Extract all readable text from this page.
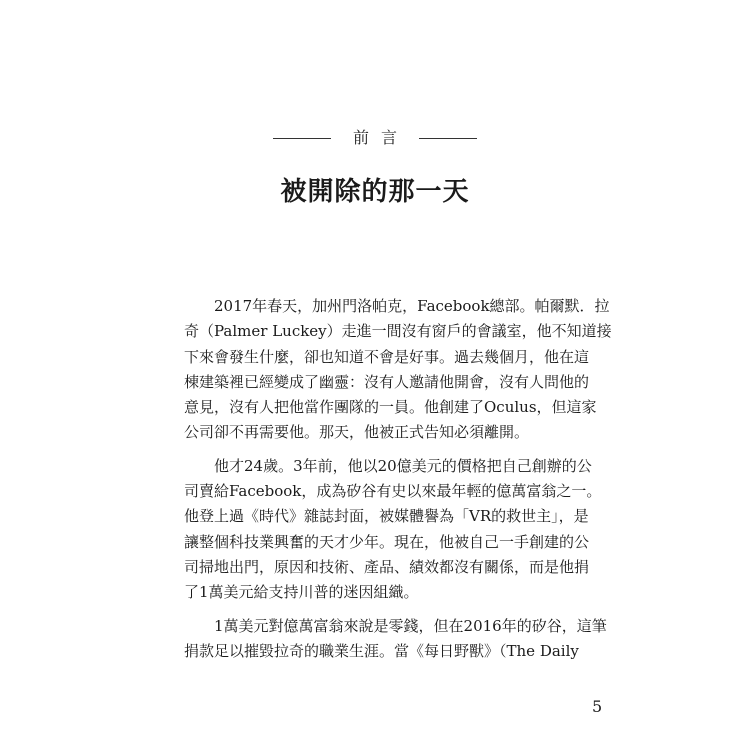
前言
被開除的那一天
2017年春天，加州門洛帕克，Facebook總部。帕爾默．拉
奇（Palmer Luckey）走進一間沒有窗戶的會議室，他不知道接
下來會發生什麼，卻也知道不會是好事。過去幾個月，他在這
棟建築裡已經變成了幽靈：沒有人邀請他開會，沒有人問他的
意見，沒有人把他當作團隊的一員。他創建了Oculus，但這家
公司卻不再需要他。那天，他被正式告知必須離開。
他才24歲。3年前，他以20億美元的價格把自己創辦的公
司賣給Facebook，成為矽谷有史以來最年輕的億萬富翁之一。
他登上過《時代》雜誌封面，被媒體譽為「VR的救世主」，是
讓整個科技業興奮的天才少年。現在，他被自己一手創建的公
司掃地出門，原因和技術、產品、績效都沒有關係，而是他捐
了1萬美元給支持川普的迷因組織。
1萬美元對億萬富翁來說是零錢，但在2016年的矽谷，這筆
捐款足以摧毀拉奇的職業生涯。當《每日野獸》（The Daily
5
